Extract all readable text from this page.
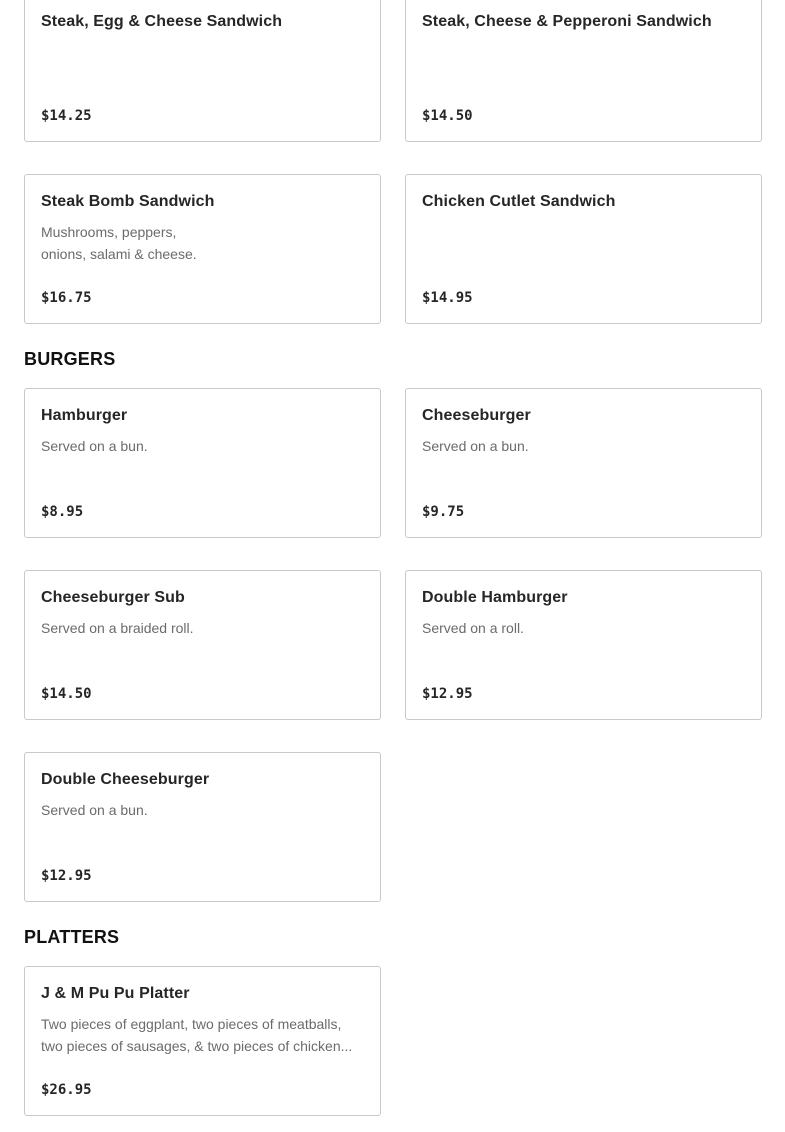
Steak, Egg & Cheese Sandwich
$14.25
Steak, Cheese & Pepperoni Sandwich
$14.50
Steak Bomb Sandwich
Mushrooms, peppers,
onions, salami & cheese.
$16.75
Chicken Cutlet Sandwich
$14.95
BURGERS
Hamburger
Served on a bun.
$8.95
Cheeseburger
Served on a bun.
$9.75
Cheeseburger Sub
Served on a braided roll.
$14.50
Double Hamburger
Served on a roll.
$12.95
Double Cheeseburger
Served on a bun.
$12.95
PLATTERS
J & M Pu Pu Platter
Two pieces of eggplant, two pieces of meatballs,
two pieces of sausages, & two pieces of chicken...
$26.95
